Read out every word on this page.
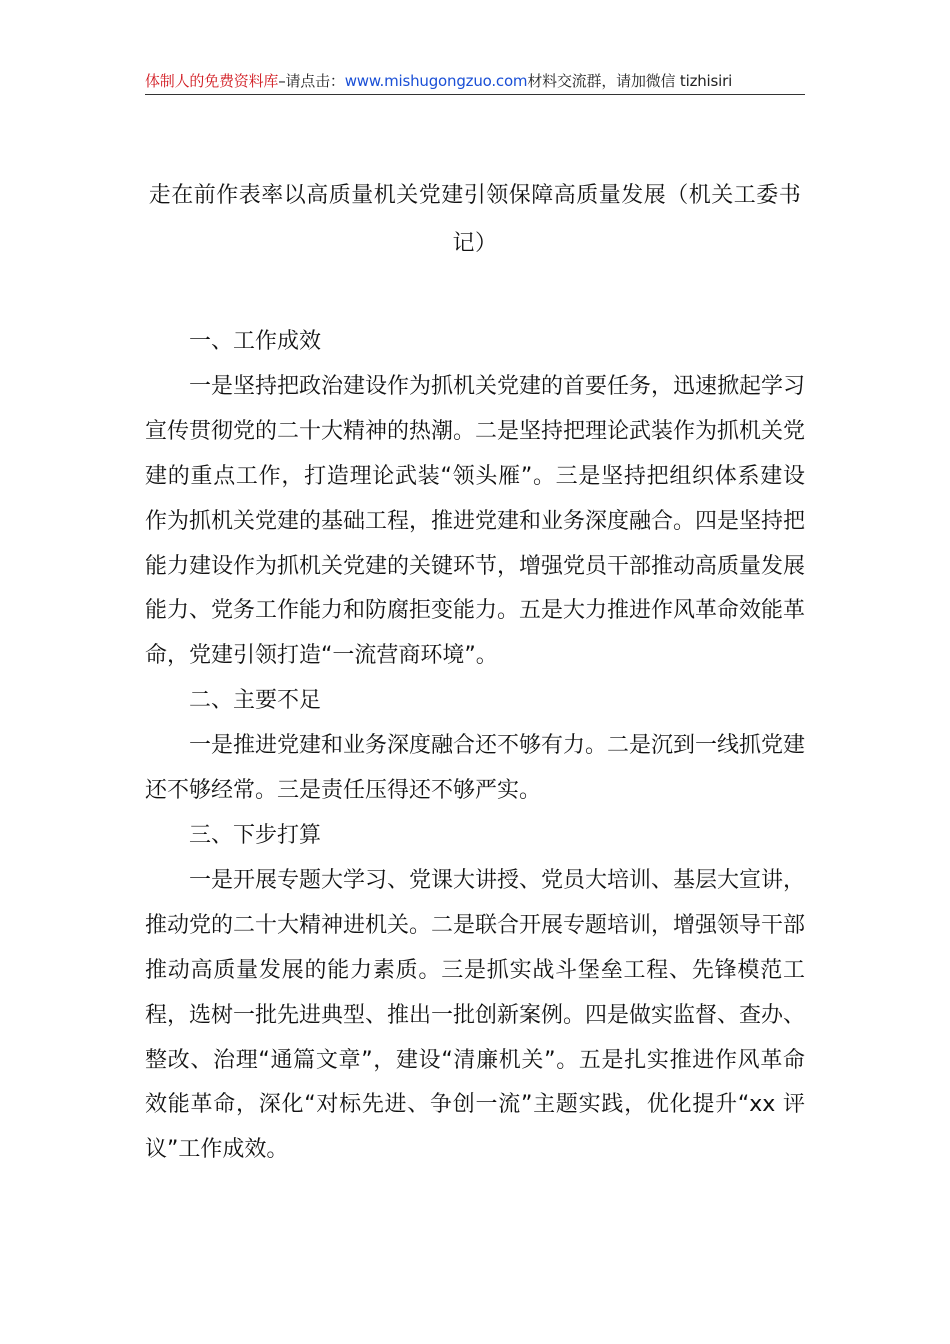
体制人的免费资料库–请点击：www.mishugongzuo.com材料交流群，请加微信 tizhisiri
走在前作表率以高质量机关党建引领保障高质量发展（机关工委书记）

一、工作成效

一是坚持把政治建设作为抓机关党建的首要任务，迅速掀起学习宣传贯彻党的二十大精神的热潮。二是坚持把理论武装作为抓机关党建的重点工作，打造理论武装“领头雁”。三是坚持把组织体系建设作为抓机关党建的基础工程，推进党建和业务深度融合。四是坚持把能力建设作为抓机关党建的关键环节，增强党员干部推动高质量发展能力、党务工作能力和防腐拒变能力。五是大力推进作风革命效能革命，党建引领打造“一流营商环境”。

二、主要不足

一是推进党建和业务深度融合还不够有力。二是沉到一线抓党建还不够经常。三是责任压得还不够严实。

三、下步打算

一是开展专题大学习、党课大讲授、党员大培训、基层大宣讲，推动党的二十大精神进机关。二是联合开展专题培训，增强领导干部推动高质量发展的能力素质。三是抓实战斗堡垒工程、先锋模范工程，选树一批先进典型、推出一批创新案例。四是做实监督、查办、整改、治理“通篇文章”，建设“清廉机关”。五是扎实推进作风革命效能革命，深化“对标先进、争创一流”主题实践，优化提升“xx 评议”工作成效。
